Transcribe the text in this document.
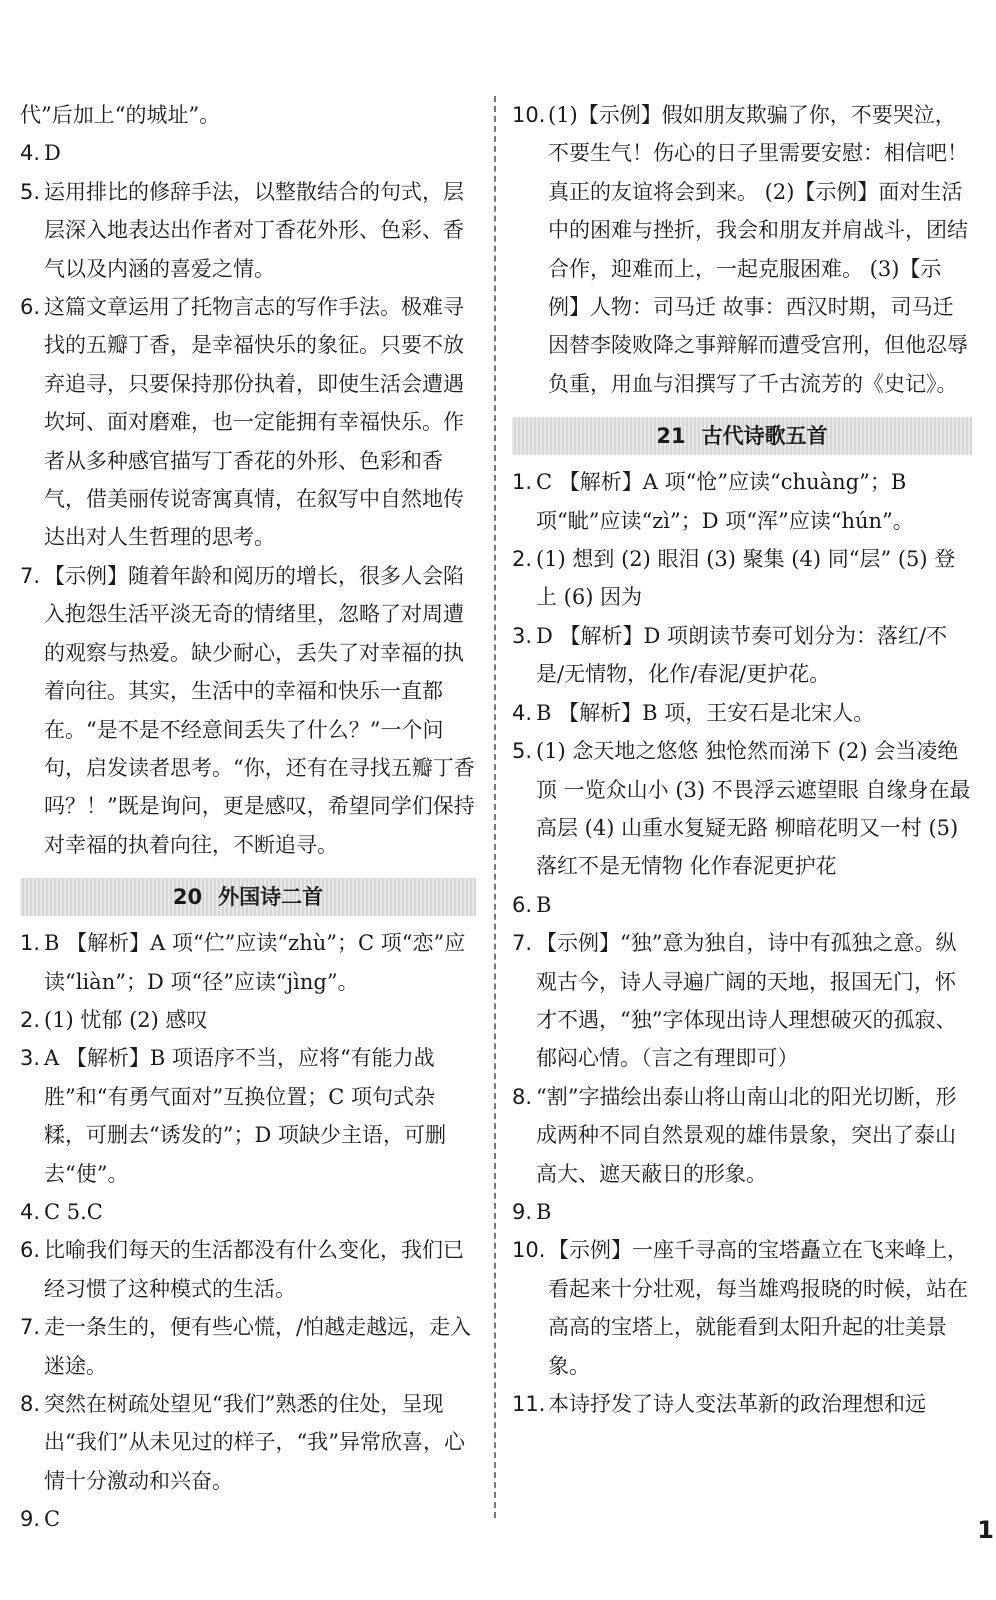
代”后加上“的城址”。
4. D
5. 运用排比的修辞手法，以整散结合的句式，层层深入地表达出作者对丁香花外形、色彩、香气以及内涵的喜爱之情。
6. 这篇文章运用了托物言志的写作手法。极难寻找的五瓣丁香，是幸福快乐的象征。只要不放弃追寻，只要保持那份执着，即使生活会遭遇坎坷、面对磨难，也一定能拥有幸福快乐。作者从多种感官描写丁香花的外形、色彩和香气，借美丽传说寄寓真情，在叙写中自然地传达出对人生哲理的思考。
7. 【示例】随着年龄和阅历的增长，很多人会陷入抱怨生活平淡无奇的情绪里，忽略了对周遭的观察与热爱。缺少耐心，丢失了对幸福的执着向往。其实，生活中的幸福和快乐一直都在。“是不是不经意间丢失了什么？”一个问句，启发读者思考。“你，还有在寻找五瓣丁香吗？！”既是询问，更是感叹，希望同学们保持对幸福的执着向往，不断追寻。
20 外国诗二首
1. B 【解析】A 项“伫”应读“zhù”；C 项“恋”应读“liàn”；D 项“径”应读“jìng”。
2. (1) 忧郁 (2) 感叹
3. A 【解析】B 项语序不当，应将“有能力战胜”和“有勇气面对”互换位置；C 项句式杂糅，可删去“诱发的”；D 项缺少主语，可删去“使”。
4. C 5.C
6. 比喻我们每天的生活都没有什么变化，我们已经习惯了这种模式的生活。
7. 走一条生的，便有些心慌，/怕越走越远，走入迷途。
8. 突然在树疏处望见“我们”熟悉的住处，呈现出“我们”从未见过的样子，“我”异常欣喜，心情十分激动和兴奋。
9. C
10. (1)【示例】假如朋友欺骗了你，不要哭泣，不要生气！伤心的日子里需要安慰：相信吧！真正的友谊将会到来。 (2)【示例】面对生活中的困难与挫折，我会和朋友并肩战斗，团结合作，迎难而上，一起克服困难。 (3)【示例】人物：司马迁 故事：西汉时期，司马迁因替李陵败降之事辩解而遭受宫刑，但他忍辱负重，用血与泪撰写了千古流芳的《史记》。
21 古代诗歌五首
1. C 【解析】A 项“怆”应读“chuàng”；B 项“眦”应读“zì”；D 项“浑”应读“hún”。
2. (1) 想到 (2) 眼泪 (3) 聚集 (4) 同“层” (5) 登上 (6) 因为
3. D 【解析】D 项朗读节奏可划分为：落红/不是/无情物，化作/春泥/更护花。
4. B 【解析】B 项，王安石是北宋人。
5. (1) 念天地之悠悠 独怆然而涕下 (2) 会当凌绝顶 一览众山小 (3) 不畏浮云遮望眼 自缘身在最高层 (4) 山重水复疑无路 柳暗花明又一村 (5) 落红不是无情物 化作春泥更护花
6. B
7. 【示例】“独”意为独自，诗中有孤独之意。纵观古今，诗人寻遍广阔的天地，报国无门，怀才不遇，“独”字体现出诗人理想破灭的孤寂、郁闷心情。（言之有理即可）
8. “割”字描绘出泰山将山南山北的阳光切断，形成两种不同自然景观的雄伟景象，突出了泰山高大、遮天蔽日的形象。
9. B
10. 【示例】一座千寻高的宝塔矗立在飞来峰上，看起来十分壮观，每当雄鸡报晓的时候，站在高高的宝塔上，就能看到太阳升起的壮美景象。
11. 本诗抒发了诗人变法革新的政治理想和远
1
